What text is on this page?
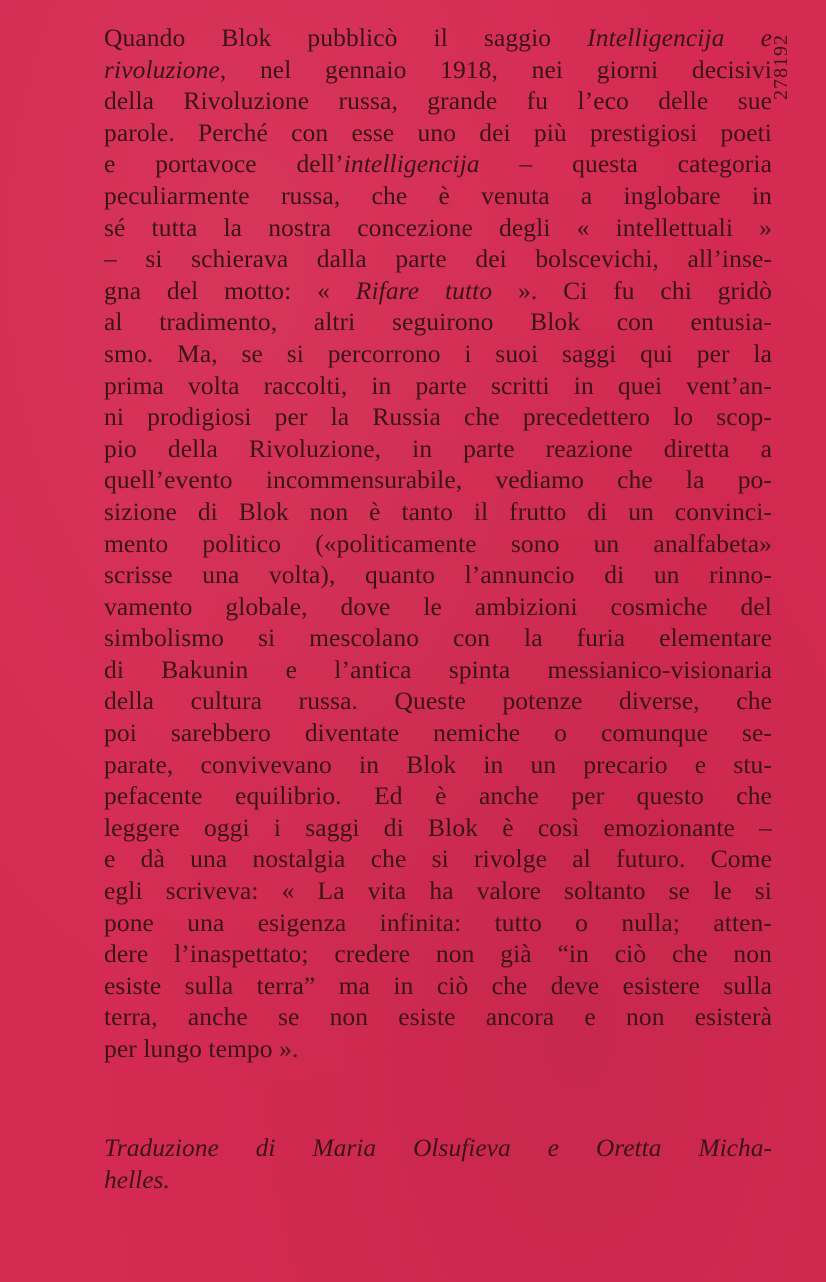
278192
Quando Blok pubblicò il saggio Intelligencija e
rivoluzione, nel gennaio 1918, nei giorni decisivi
della Rivoluzione russa, grande fu l’eco delle sue
parole. Perché con esse uno dei più prestigiosi poeti
e portavoce dell’intelligencija – questa categoria
peculiarmente russa, che è venuta a inglobare in
sé tutta la nostra concezione degli « intellettuali »
– si schierava dalla parte dei bolscevichi, all’inse-
gna del motto: « Rifare tutto ». Ci fu chi gridò
al tradimento, altri seguirono Blok con entusia-
smo. Ma, se si percorrono i suoi saggi qui per la
prima volta raccolti, in parte scritti in quei vent’an-
ni prodigiosi per la Russia che precedettero lo scop-
pio della Rivoluzione, in parte reazione diretta a
quell’evento incommensurabile, vediamo che la po-
sizione di Blok non è tanto il frutto di un convinci-
mento politico («politicamente sono un analfabeta»
scrisse una volta), quanto l’annuncio di un rinno-
vamento globale, dove le ambizioni cosmiche del
simbolismo si mescolano con la furia elementare
di Bakunin e l’antica spinta messianico-visionaria
della cultura russa. Queste potenze diverse, che
poi sarebbero diventate nemiche o comunque se-
parate, convivevano in Blok in un precario e stu-
pefacente equilibrio. Ed è anche per questo che
leggere oggi i saggi di Blok è così emozionante –
e dà una nostalgia che si rivolge al futuro. Come
egli scriveva: « La vita ha valore soltanto se le si
pone una esigenza infinita: tutto o nulla; atten-
dere l’inaspettato; credere non già “in ciò che non
esiste sulla terra” ma in ciò che deve esistere sulla
terra, anche se non esiste ancora e non esisterà
per lungo tempo ».
Traduzione di Maria Olsufieva e Oretta Micha-
helles.
